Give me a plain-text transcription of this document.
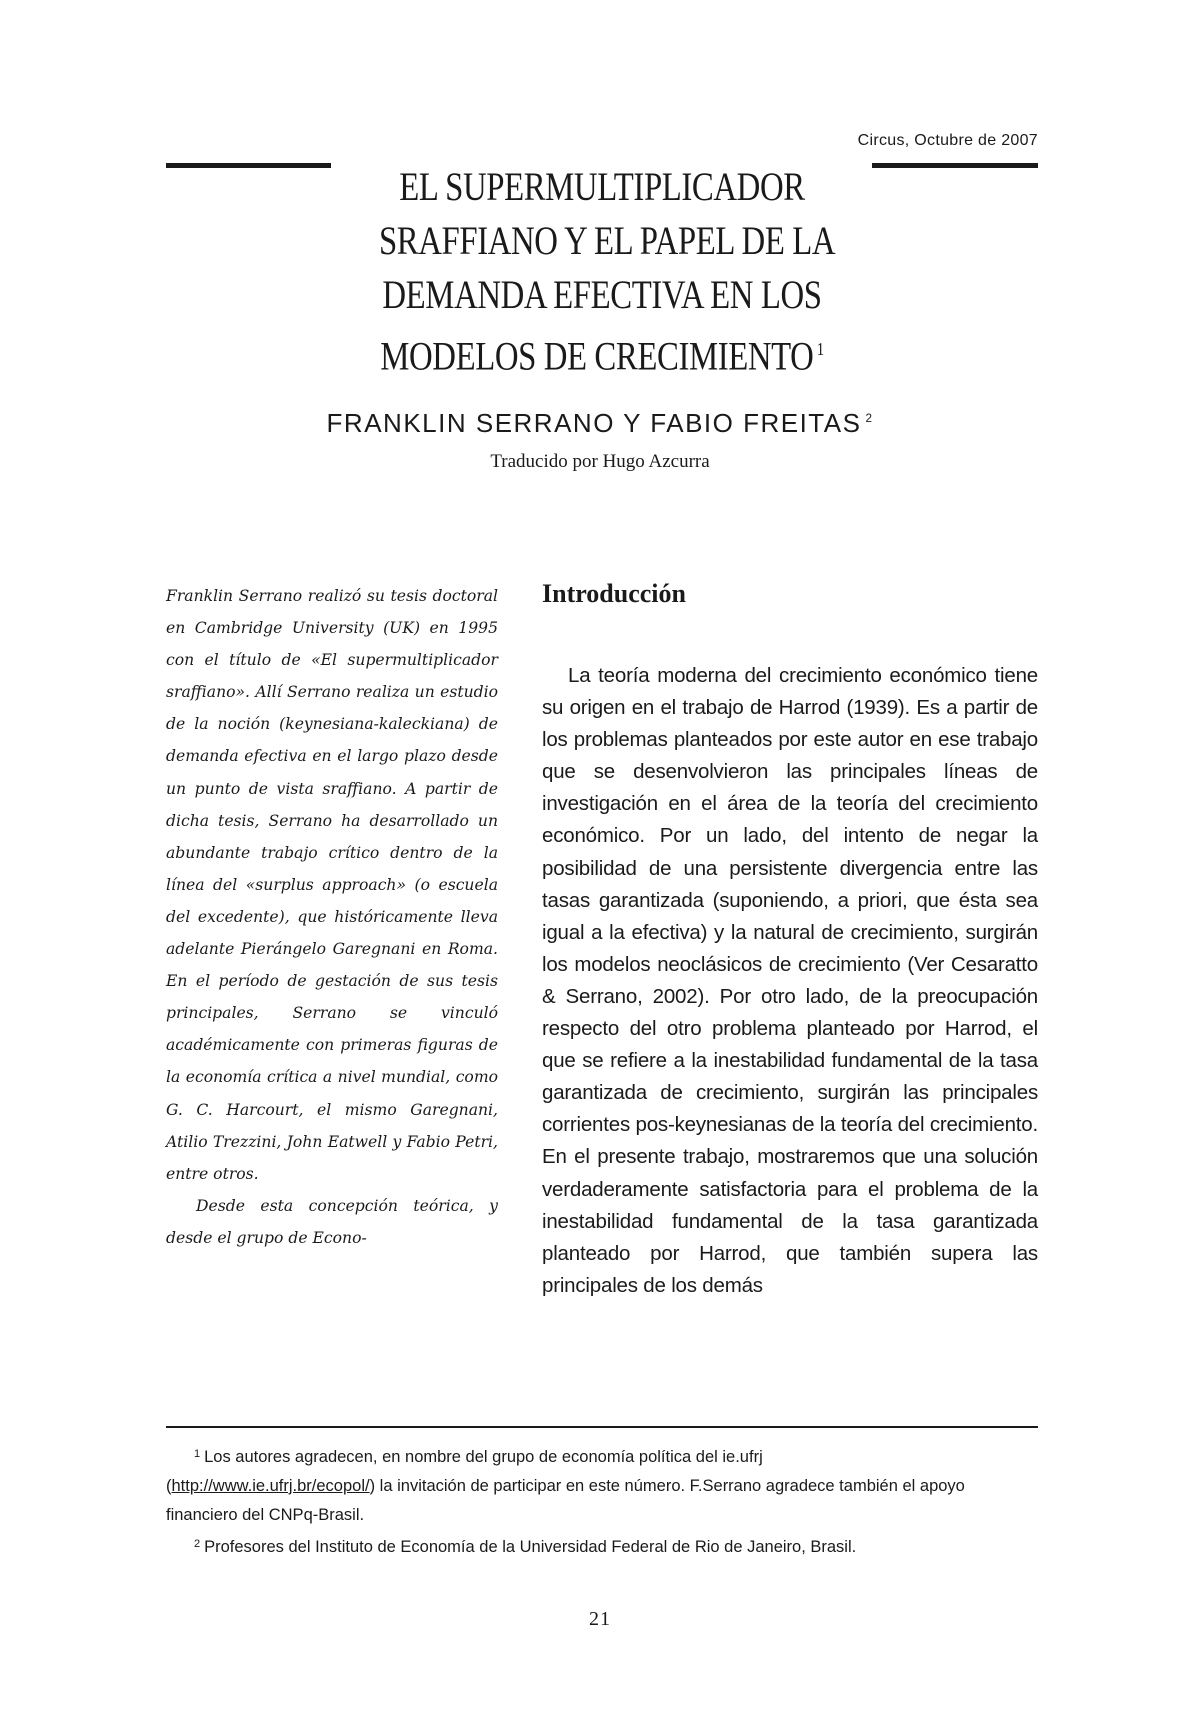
Circus, Octubre de 2007
EL SUPERMULTIPLICADOR
SRAFFIANO Y EL PAPEL DE LA
DEMANDA EFECTIVA EN LOS
MODELOS DE CRECIMIENTO $^1$
FRANKLIN SERRANO Y FABIO FREITAS $^2$
Traducido por Hugo Azcurra

Franklin Serrano realizó su tesis doctoral en Cambridge University (UK) en 1995 con el título de «El supermultiplicador sraffiano». Allí Serrano realiza un estudio de la noción (keynesiana-kaleckiana) de demanda efectiva en el largo plazo desde un punto de vista sraffiano. A partir de dicha tesis, Serrano ha desarrollado un abundante trabajo crítico dentro de la línea del «surplus approach» (o escuela del excedente), que históricamente lleva adelante Pierángelo Garegnani en Roma. En el período de gestación de sus tesis principales, Serrano se vinculó académicamente con primeras figuras de la economía crítica a nivel mundial, como G. C. Harcourt, el mismo Garegnani, Atilio Trezzini, John Eatwell y Fabio Petri, entre otros.

Desde esta concepción teórica, y desde el grupo de Econo-

Introducción

La teoría moderna del crecimiento económico tiene su origen en el trabajo de Harrod (1939). Es a partir de los problemas planteados por este autor en ese trabajo que se desenvolvieron las principales líneas de investigación en el área de la teoría del crecimiento económico. Por un lado, del intento de negar la posibilidad de una persistente divergencia entre las tasas garantizada (suponiendo, a priori, que ésta sea igual a la efectiva) y la natural de crecimiento, surgirán los modelos neoclásicos de crecimiento (Ver Cesaratto & Serrano, 2002). Por otro lado, de la preocupación respecto del otro problema planteado por Harrod, el que se refiere a la inestabilidad fundamental de la tasa garantizada de crecimiento, surgirán las principales corrientes pos-keynesianas de la teoría del crecimiento. En el presente trabajo, mostraremos que una solución verdaderamente satisfactoria para el problema de la inestabilidad fundamental de la tasa garantizada planteado por Harrod, que también supera las principales de los demás

$^1$ Los autores agradecen, en nombre del grupo de economía política del ie.ufrj (http://www.ie.ufrj.br/ecopol/) la invitación de participar en este número. F.Serrano agradece también el apoyo financiero del CNPq-Brasil.

$^2$ Profesores del Instituto de Economía de la Universidad Federal de Rio de Janeiro, Brasil.

21
